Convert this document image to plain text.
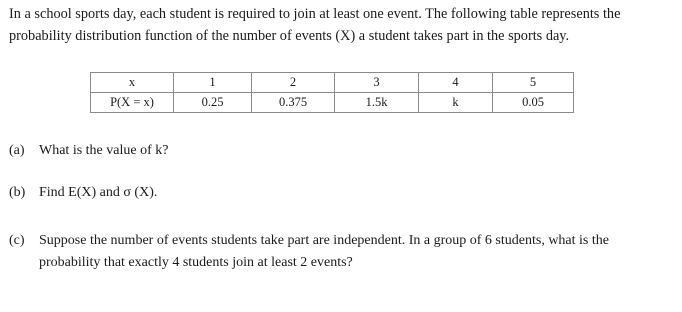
In a school sports day, each student is required to join at least one event. The following table represents the
probability distribution function of the number of events (X) a student takes part in the sports day.

x	1	2	3	4	5
P(X = x)	0.25	0.375	1.5k	k	0.05

(a) What is the value of k?

(b) Find E(X) and σ (X).

(c) Suppose the number of events students take part are independent. In a group of 6 students, what is the
probability that exactly 4 students join at least 2 events?
